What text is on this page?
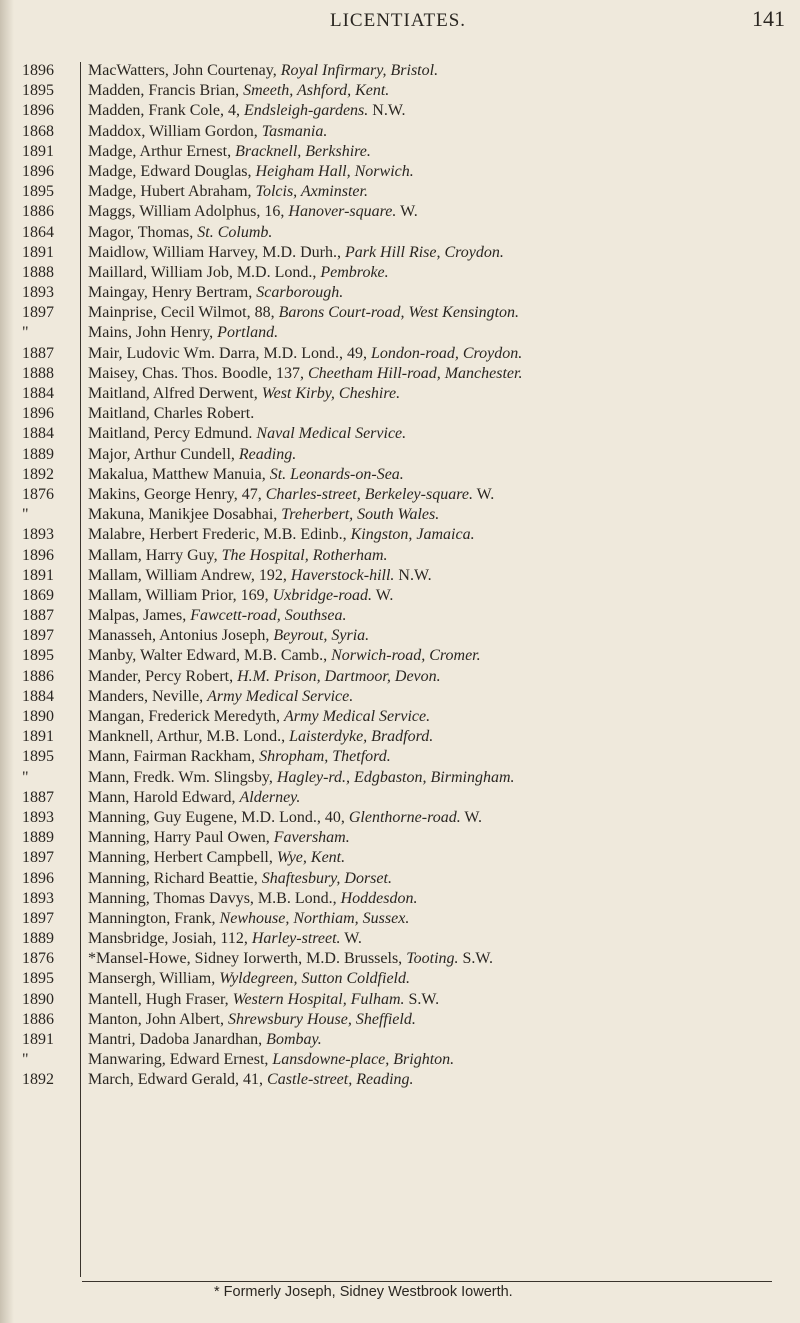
LICENTIATES.	141
1896	MacWatters, John Courtenay, Royal Infirmary, Bristol.
1895	Madden, Francis Brian, Smeeth, Ashford, Kent.
1896	Madden, Frank Cole, 4, Endsleigh-gardens. N.W.
1868	Maddox, William Gordon, Tasmania.
1891	Madge, Arthur Ernest, Bracknell, Berkshire.
1896	Madge, Edward Douglas, Heigham Hall, Norwich.
1895	Madge, Hubert Abraham, Tolcis, Axminster.
1886	Maggs, William Adolphus, 16, Hanover-square. W.
1864	Magor, Thomas, St. Columb.
1891	Maidlow, William Harvey, M.D. Durh., Park Hill Rise, Croydon.
1888	Maillard, William Job, M.D. Lond., Pembroke.
1893	Maingay, Henry Bertram, Scarborough.
1897	Mainprise, Cecil Wilmot, 88, Barons Court-road, West Kensington.
"	Mains, John Henry, Portland.
1887	Mair, Ludovic Wm. Darra, M.D. Lond., 49, London-road, Croydon.
1888	Maisey, Chas. Thos. Boodle, 137, Cheetham Hill-road, Manchester.
1884	Maitland, Alfred Derwent, West Kirby, Cheshire.
1896	Maitland, Charles Robert.
1884	Maitland, Percy Edmund. Naval Medical Service.
1889	Major, Arthur Cundell, Reading.
1892	Makalua, Matthew Manuia, St. Leonards-on-Sea.
1876	Makins, George Henry, 47, Charles-street, Berkeley-square. W.
"	Makuna, Manikjee Dosabhai, Treherbert, South Wales.
1893	Malabre, Herbert Frederic, M.B. Edinb., Kingston, Jamaica.
1896	Mallam, Harry Guy, The Hospital, Rotherham.
1891	Mallam, William Andrew, 192, Haverstock-hill. N.W.
1869	Mallam, William Prior, 169, Uxbridge-road. W.
1887	Malpas, James, Fawcett-road, Southsea.
1897	Manasseh, Antonius Joseph, Beyrout, Syria.
1895	Manby, Walter Edward, M.B. Camb., Norwich-road, Cromer.
1886	Mander, Percy Robert, H.M. Prison, Dartmoor, Devon.
1884	Manders, Neville, Army Medical Service.
1890	Mangan, Frederick Meredyth, Army Medical Service.
1891	Manknell, Arthur, M.B. Lond., Laisterdyke, Bradford.
1895	Mann, Fairman Rackham, Shropham, Thetford.
"	Mann, Fredk. Wm. Slingsby, Hagley-rd., Edgbaston, Birmingham.
1887	Mann, Harold Edward, Alderney.
1893	Manning, Guy Eugene, M.D. Lond., 40, Glenthorne-road. W.
1889	Manning, Harry Paul Owen, Faversham.
1897	Manning, Herbert Campbell, Wye, Kent.
1896	Manning, Richard Beattie, Shaftesbury, Dorset.
1893	Manning, Thomas Davys, M.B. Lond., Hoddesdon.
1897	Mannington, Frank, Newhouse, Northiam, Sussex.
1889	Mansbridge, Josiah, 112, Harley-street. W.
1876	*Mansel-Howe, Sidney Iorwerth, M.D. Brussels, Tooting. S.W.
1895	Mansergh, William, Wyldegreen, Sutton Coldfield.
1890	Mantell, Hugh Fraser, Western Hospital, Fulham. S.W.
1886	Manton, John Albert, Shrewsbury House, Sheffield.
1891	Mantri, Dadoba Janardhan, Bombay.
"	Manwaring, Edward Ernest, Lansdowne-place, Brighton.
1892	March, Edward Gerald, 41, Castle-street, Reading.
* Formerly Joseph, Sidney Westbrook Iowerth.
